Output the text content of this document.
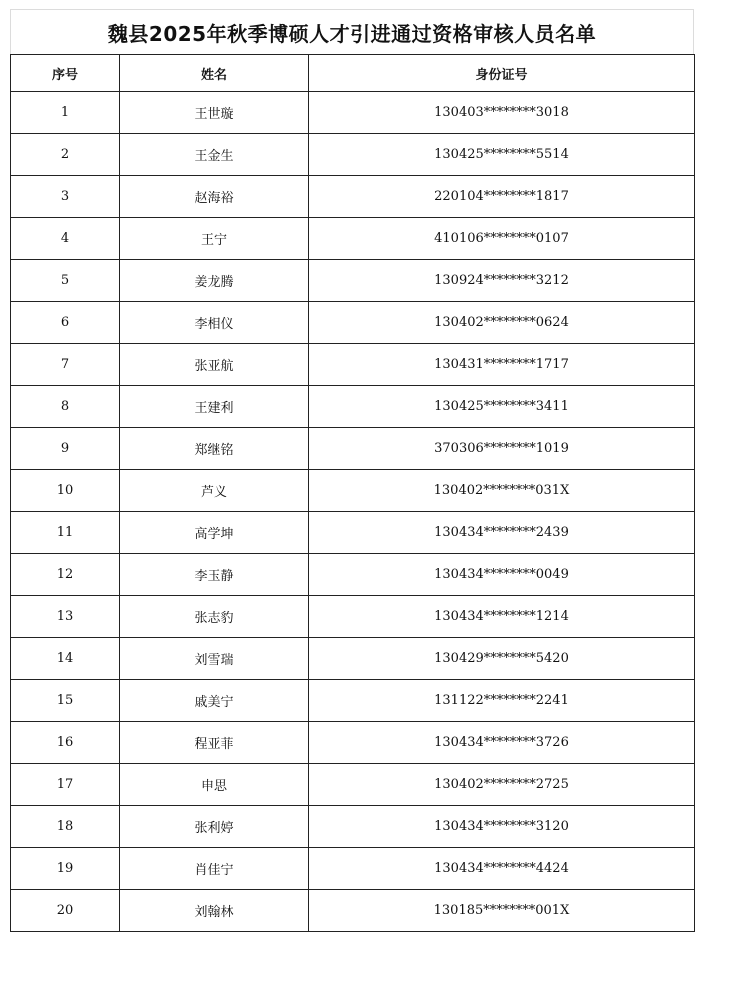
魏县2025年秋季博硕人才引进通过资格审核人员名单
序号	姓名	身份证号
1	王世璇	130403********3018
2	王金生	130425********5514
3	赵海裕	220104********1817
4	王宁	410106********0107
5	姜龙腾	130924********3212
6	李相仪	130402********0624
7	张亚航	130431********1717
8	王建利	130425********3411
9	郑继铭	370306********1019
10	芦义	130402********031X
11	高学坤	130434********2439
12	李玉静	130434********0049
13	张志豹	130434********1214
14	刘雪瑞	130429********5420
15	戚美宁	131122********2241
16	程亚菲	130434********3726
17	申思	130402********2725
18	张利婷	130434********3120
19	肖佳宁	130434********4424
20	刘翰林	130185********001X
